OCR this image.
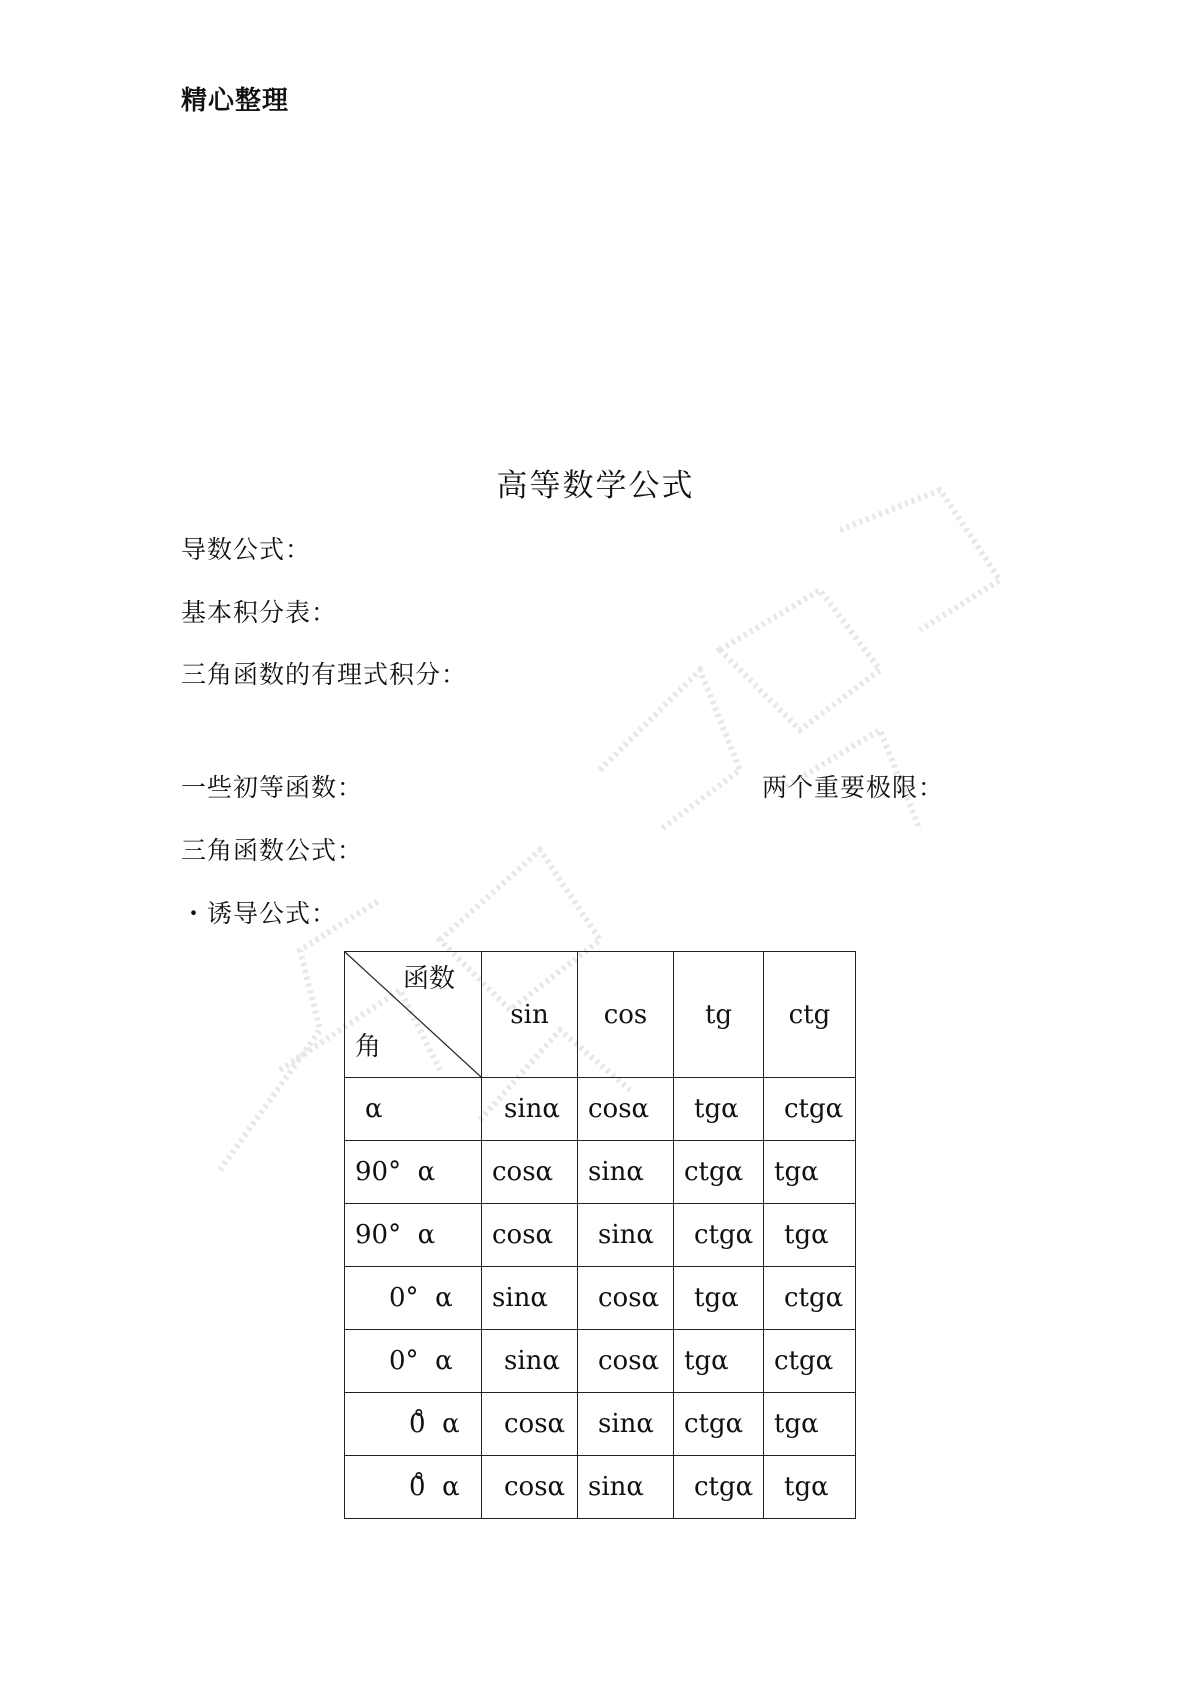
精心整理
高等数学公式
导数公式：
基本积分表：
三角函数的有理式积分：
一些初等函数：	两个重要极限：
三角函数公式：
・诱导公式：
函数
角	sin	cos	tg	ctg

α	sinα	cosα	tgα	ctgα

90°  α	cosα	sinα	ctgα	tgα

90°  α	cosα	sinα	ctgα	tgα

0°  α	sinα	cosα	tgα	ctgα

0°  α	sinα	cosα	tgα	ctgα

0̊  α	cosα	sinα	ctgα	tgα

0̊  α	cosα	sinα	ctgα	tgα
